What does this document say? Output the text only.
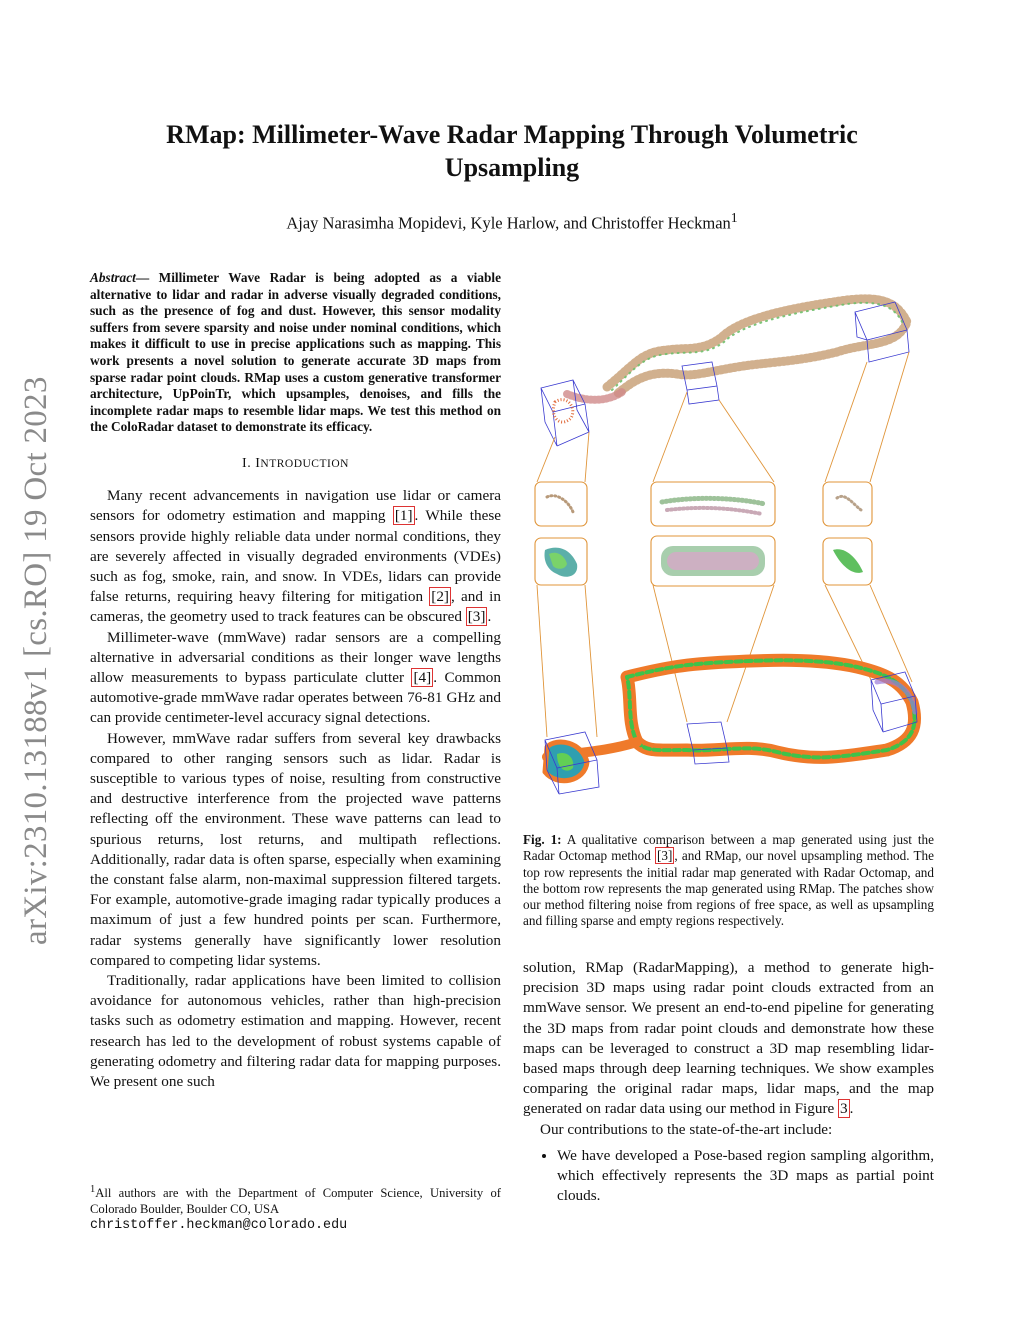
arXiv:2310.13188v1 [cs.RO] 19 Oct 2023
RMap: Millimeter-Wave Radar Mapping Through Volumetric Upsampling
Ajay Narasimha Mopidevi, Kyle Harlow, and Christoffer Heckman$^1$
Abstract— Millimeter Wave Radar is being adopted as a viable alternative to lidar and radar in adverse visually degraded conditions, such as the presence of fog and dust. However, this sensor modality suffers from severe sparsity and noise under nominal conditions, which makes it difficult to use in precise applications such as mapping. This work presents a novel solution to generate accurate 3D maps from sparse radar point clouds. RMap uses a custom generative transformer architecture, UpPoinTr, which upsamples, denoises, and fills the incomplete radar maps to resemble lidar maps. We test this method on the ColoRadar dataset to demonstrate its efficacy.
I. INTRODUCTION

Many recent advancements in navigation use lidar or camera sensors for odometry estimation and mapping [1] . While these sensors provide highly reliable data under normal conditions, they are severely affected in visually degraded environments (VDEs) such as fog, smoke, rain, and snow. In VDEs, lidars can provide false returns, requiring heavy filtering for mitigation [2] , and in cameras, the geometry used to track features can be obscured [3] .

Millimeter-wave (mmWave) radar sensors are a compelling alternative in adversarial conditions as their longer wave lengths allow measurements to bypass particulate clutter [4] . Common automotive-grade mmWave radar operates between 76-81 GHz and can provide centimeter-level accuracy signal detections.

However, mmWave radar suffers from several key drawbacks compared to other ranging sensors such as lidar. Radar is susceptible to various types of noise, resulting from constructive and destructive interference from the projected wave patterns reflecting off the environment. These wave patterns can lead to spurious returns, lost returns, and multipath reflections. Additionally, radar data is often sparse, especially when examining the constant false alarm, non-maximal suppression filtered targets. For example, automotive-grade imaging radar typically produces a maximum of just a few hundred points per scan. Furthermore, radar systems generally have significantly lower resolution compared to competing lidar systems.

Traditionally, radar applications have been limited to collision avoidance for autonomous vehicles, rather than high-precision tasks such as odometry estimation and mapping. However, recent research has led to the development of robust systems capable of generating odometry and filtering radar data for mapping purposes. We present one such

$^1$All authors are with the Department of Computer Science, University of Colorado Boulder, Boulder CO, USA
christoffer.heckman@colorado.edu
Fig. 1: A qualitative comparison between a map generated using just the Radar Octomap method [3] , and RMap, our novel upsampling method. The top row represents the initial radar map generated with Radar Octomap, and the bottom row represents the map generated using RMap. The patches show our method filtering noise from regions of free space, as well as upsampling and filling sparse and empty regions respectively.

solution, RMap (RadarMapping), a method to generate high-precision 3D maps using radar point clouds extracted from an mmWave sensor. We present an end-to-end pipeline for generating the 3D maps from radar point clouds and demonstrate how these maps can be leveraged to construct a 3D map resembling lidar-based maps through deep learning techniques. We show examples comparing the original radar maps, lidar maps, and the map generated on radar data using our method in Figure 3 .

Our contributions to the state-of-the-art include:

• We have developed a Pose-based region sampling algorithm, which effectively represents the 3D maps as partial point clouds.
